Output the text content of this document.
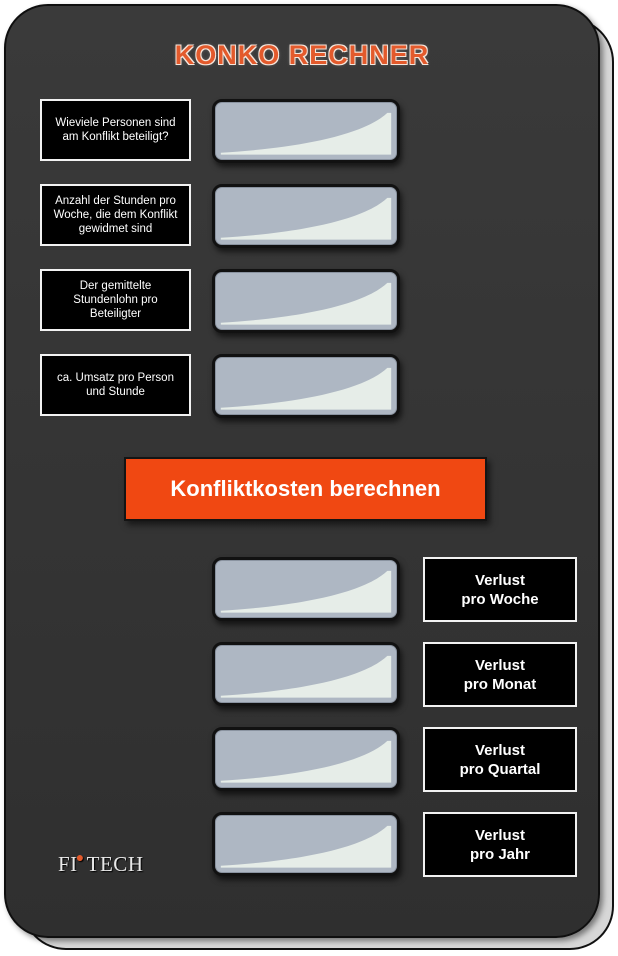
KONKO RECHNER
Wieviele Personen sind am Konflikt beteiligt?
Anzahl der Stunden pro Woche, die dem Konflikt gewidmet sind
Der gemittelte Stundenlohn pro Beteiligter
ca. Umsatz pro Person und Stunde
Konfliktkosten berechnen
Verlust
pro Woche
Verlust
pro Monat
Verlust
pro Quartal
Verlust
pro Jahr
FI●TECH
